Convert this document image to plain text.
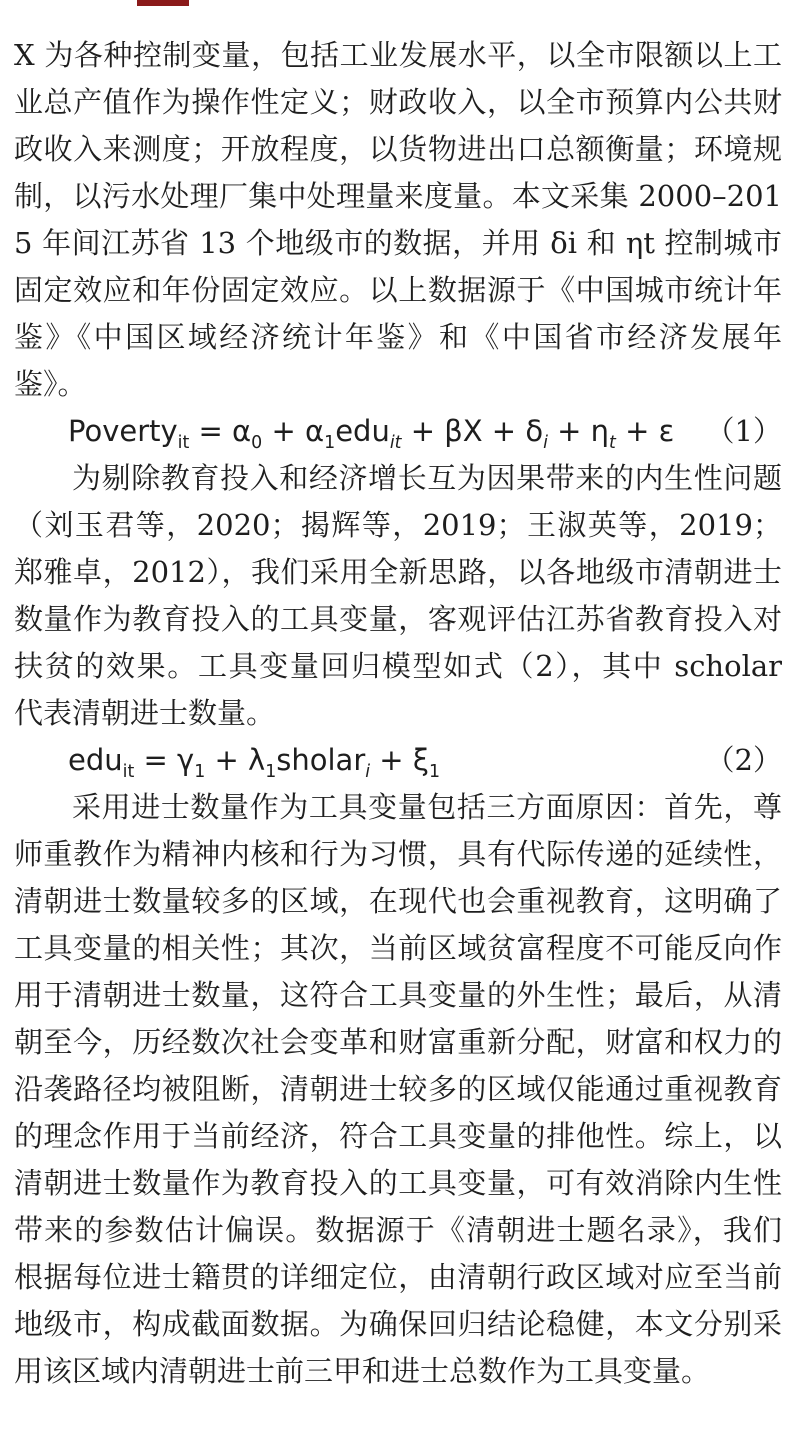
X 为各种控制变量，包括工业发展水平，以全市限额以上工业总产值作为操作性定义；财政收入，以全市预算内公共财政收入来测度；开放程度，以货物进出口总额衡量；环境规制，以污水处理厂集中处理量来度量。本文采集 2000–2015 年间江苏省 13 个地级市的数据，并用 δi 和 ηt 控制城市固定效应和年份固定效应。以上数据源于《中国城市统计年鉴》《中国区域经济统计年鉴》和《中国省市经济发展年鉴》。

Poverty$_{it}$ = $\alpha_0 + \alpha_1edu_{it} + \beta X + \delta_i + \eta_t + \varepsilon$ （1）

为剔除教育投入和经济增长互为因果带来的内生性问题（刘玉君等，2020；揭辉等，2019；王淑英等，2019；郑雅卓，2012），我们采用全新思路，以各地级市清朝进士数量作为教育投入的工具变量，客观评估江苏省教育投入对扶贫的效果。工具变量回归模型如式（2），其中 scholar 代表清朝进士数量。

$edu_{it} = \gamma_1$ + $\lambda_1sholar_i + \xi_1$	（2）

采用进士数量作为工具变量包括三方面原因：首先，尊师重教作为精神内核和行为习惯，具有代际传递的延续性，清朝进士数量较多的区域，在现代也会重视教育，这明确了工具变量的相关性；其次，当前区域贫富程度不可能反向作用于清朝进士数量，这符合工具变量的外生性；最后，从清朝至今，历经数次社会变革和财富重新分配，财富和权力的沿袭路径均被阻断，清朝进士较多的区域仅能通过重视教育的理念作用于当前经济，符合工具变量的排他性。综上，以清朝进士数量作为教育投入的工具变量，可有效消除内生性带来的参数估计偏误。数据源于《清朝进士题名录》，我们根据每位进士籍贯的详细定位，由清朝行政区域对应至当前地级市，构成截面数据。为确保回归结论稳健，本文分别采用该区域内清朝进士前三甲和进士总数作为工具变量。
